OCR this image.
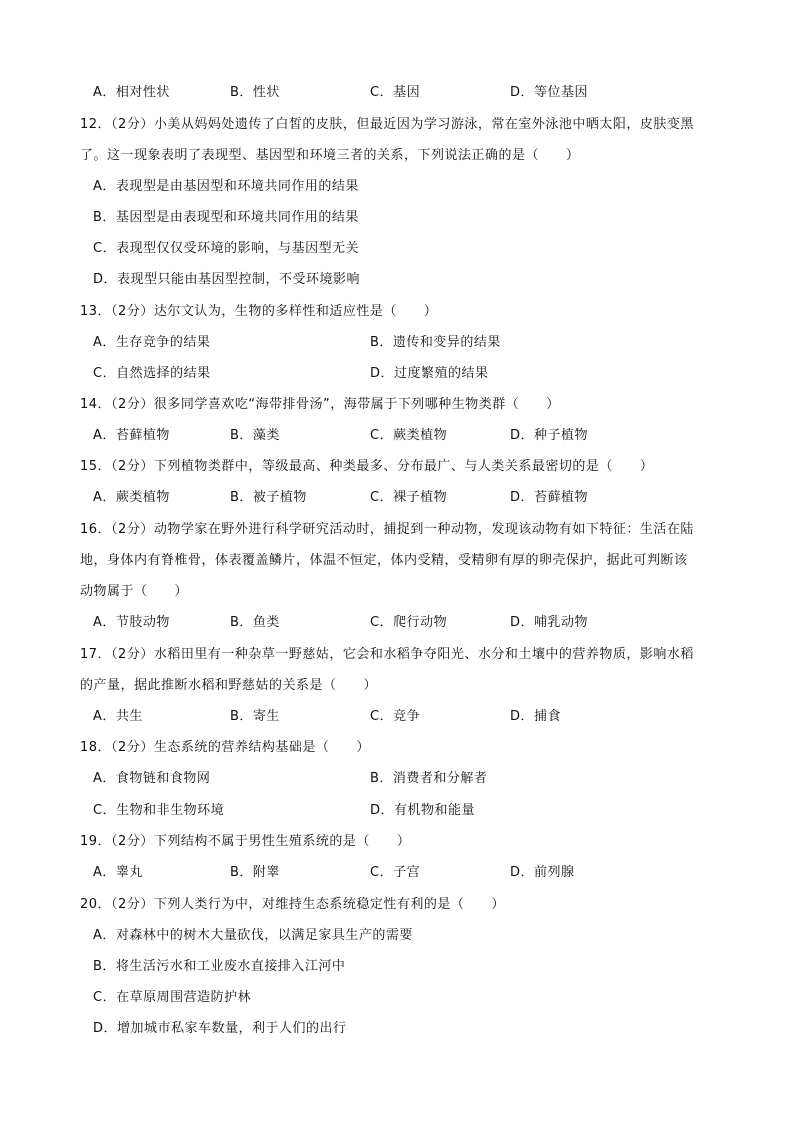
A．相对性状	B．性状	C．基因	D．等位基因
12．（2分）小美从妈妈处遗传了白皙的皮肤，但最近因为学习游泳，常在室外泳池中晒太阳，皮肤变黑
了。这一现象表明了表现型、基因型和环境三者的关系，下列说法正确的是（　　）
A．表现型是由基因型和环境共同作用的结果
B．基因型是由表现型和环境共同作用的结果
C．表现型仅仅受环境的影响，与基因型无关
D．表现型只能由基因型控制，不受环境影响
13．（2分）达尔文认为，生物的多样性和适应性是（　　）
A．生存竞争的结果	B．遗传和变异的结果
C．自然选择的结果	D．过度繁殖的结果
14．（2分）很多同学喜欢吃“海带排骨汤”，海带属于下列哪种生物类群（　　）
A．苔藓植物	B．藻类	C．蕨类植物	D．种子植物
15．（2分）下列植物类群中，等级最高、种类最多、分布最广、与人类关系最密切的是（　　）
A．蕨类植物	B．被子植物	C．裸子植物	D．苔藓植物
16．（2分）动物学家在野外进行科学研究活动时，捕捉到一种动物，发现该动物有如下特征：生活在陆
地，身体内有脊椎骨，体表覆盖鳞片，体温不恒定，体内受精，受精卵有厚的卵壳保护，据此可判断该
动物属于（　　）
A．节肢动物	B．鱼类	C．爬行动物	D．哺乳动物
17．（2分）水稻田里有一种杂草一野慈姑，它会和水稻争夺阳光、水分和土壤中的营养物质，影响水稻
的产量，据此推断水稻和野慈姑的关系是（　　）
A．共生	B．寄生	C．竞争	D．捕食
18．（2分）生态系统的营养结构基础是（　　）
A．食物链和食物网	B．消费者和分解者
C．生物和非生物环境	D．有机物和能量
19．（2分）下列结构不属于男性生殖系统的是（　　）
A．睾丸	B．附睾	C．子宫	D．前列腺
20．（2分）下列人类行为中，对维持生态系统稳定性有利的是（　　）
A．对森林中的树木大量砍伐，以满足家具生产的需要
B．将生活污水和工业废水直接排入江河中
C．在草原周围营造防护林
D．增加城市私家车数量，利于人们的出行
